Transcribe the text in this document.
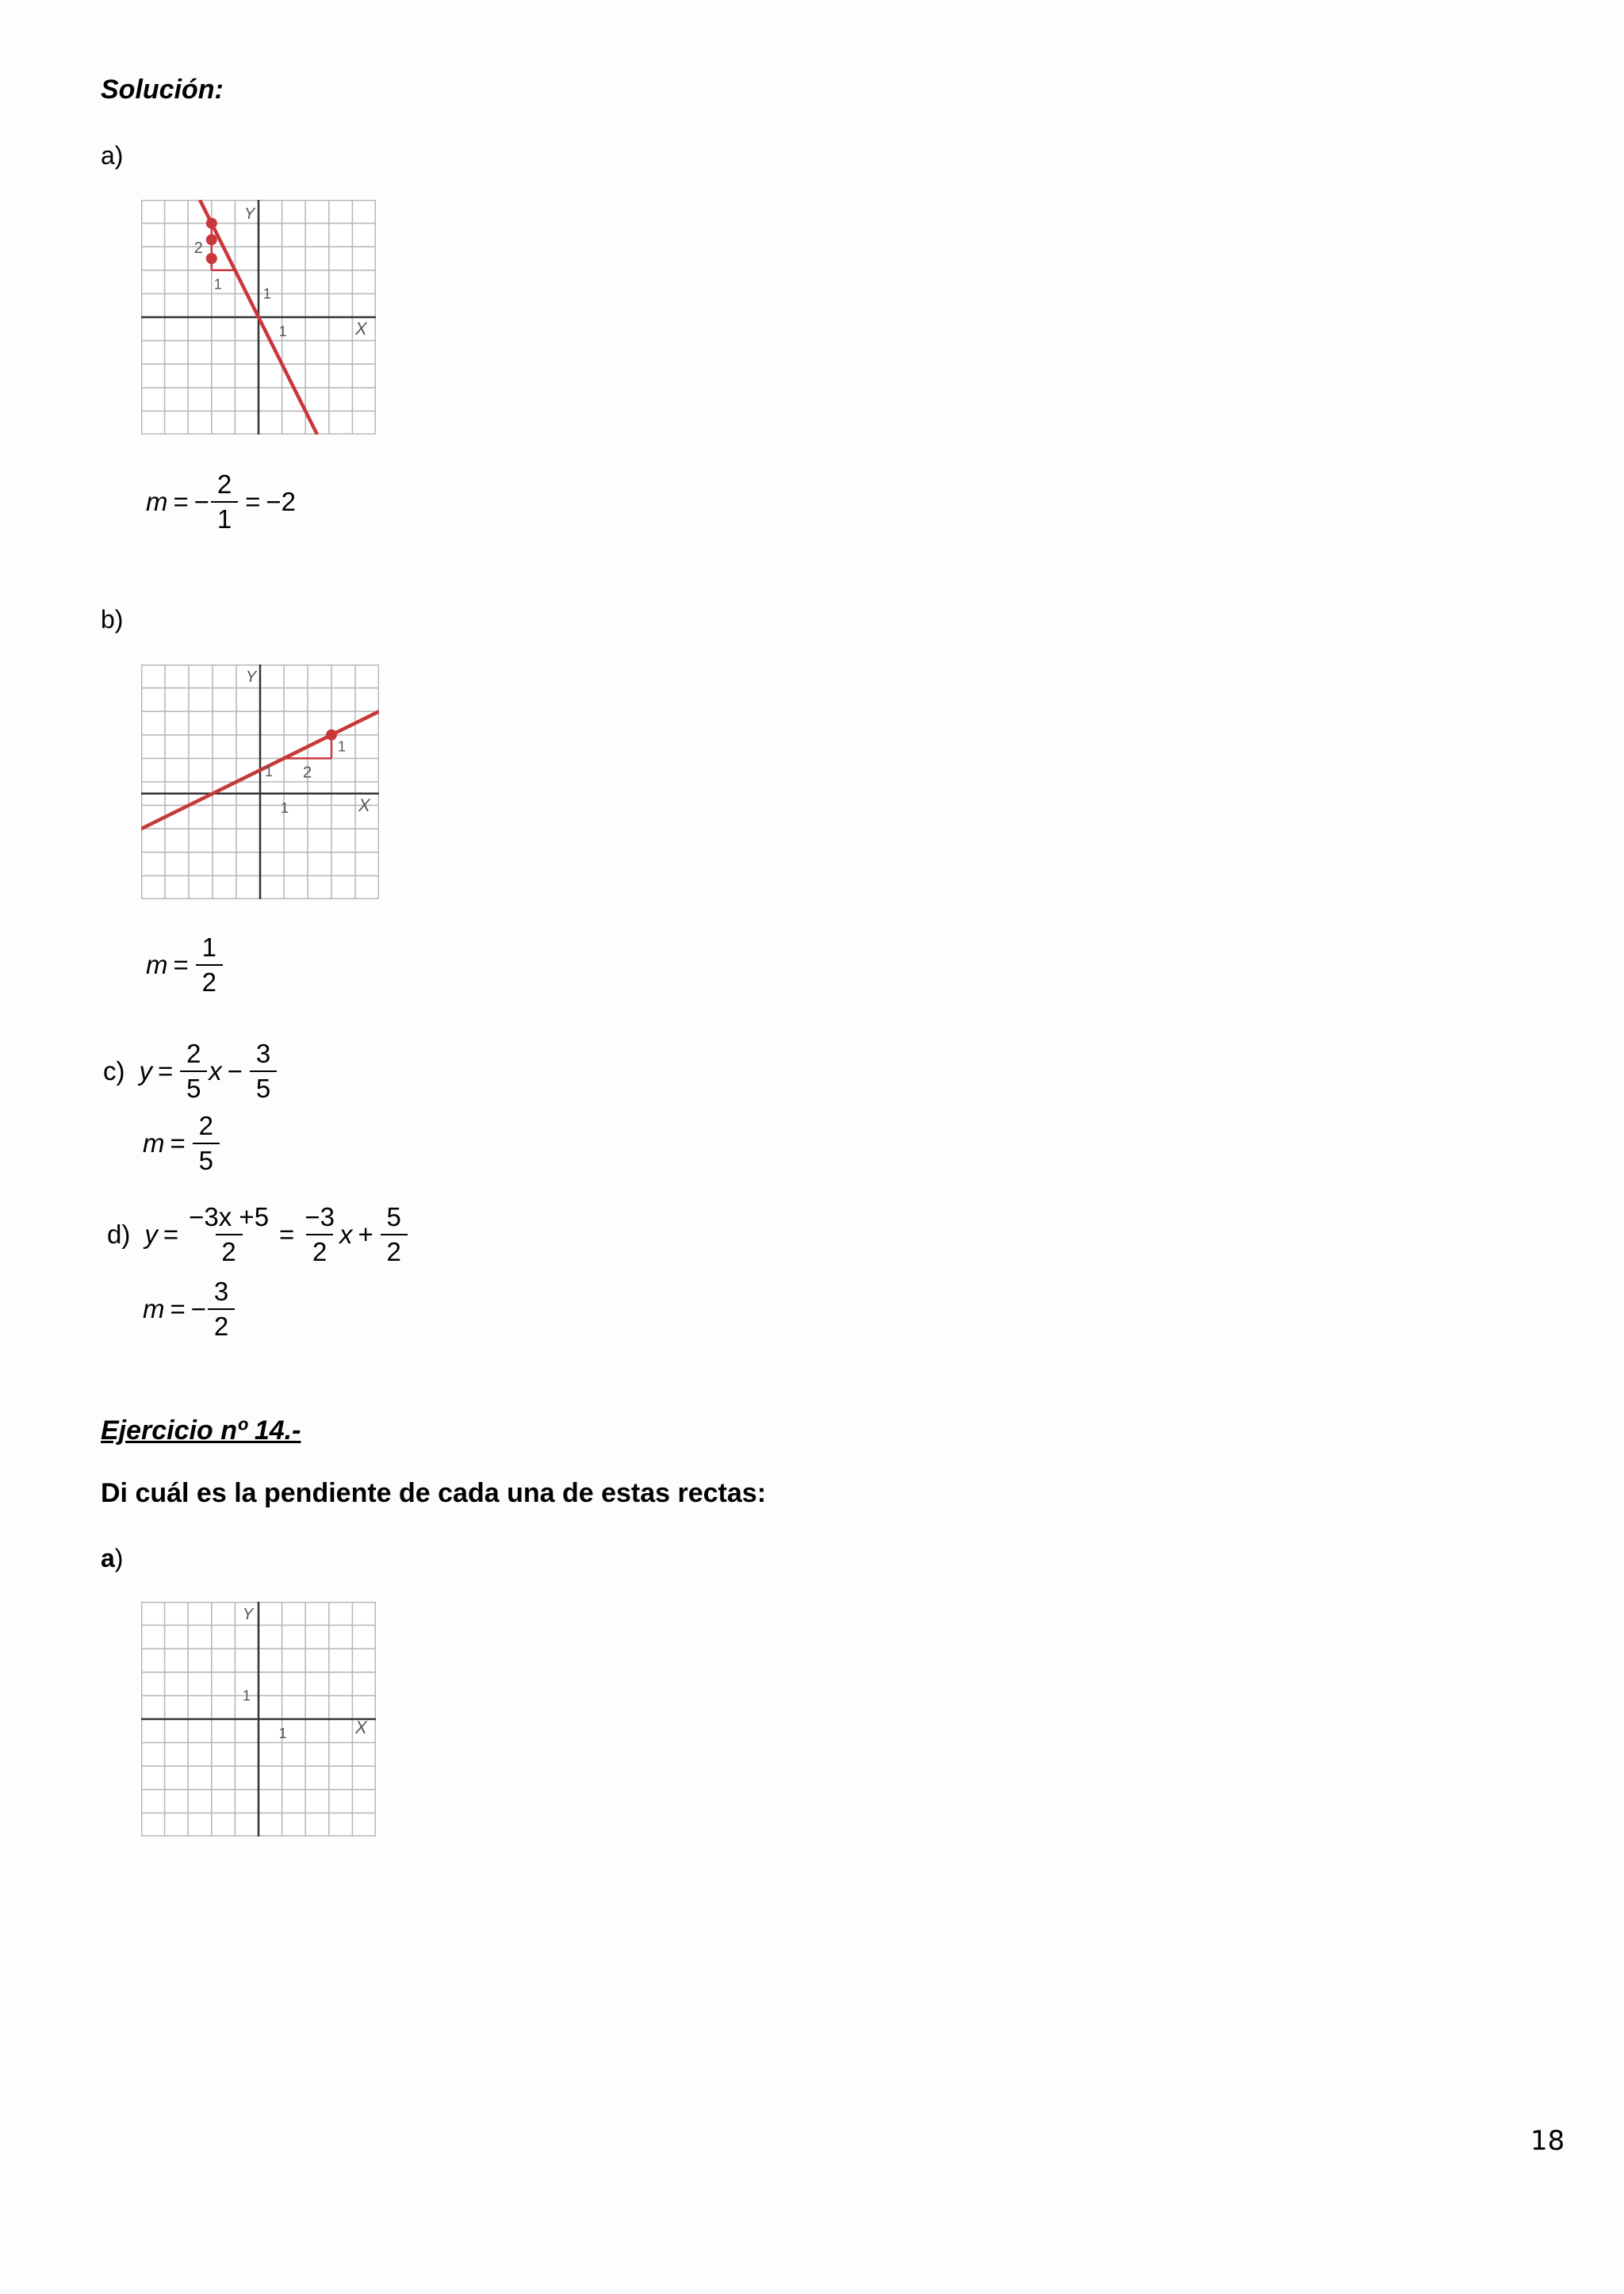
Solución:
a)
Y
X
2
1
1
1
m = − $\frac{2}{1} = -2$
b)
Y
X
1
2
1
1
$m = \frac{1}{2}$
c) $y = \frac{2}{5}$ $x - \frac{3}{5}$
$m = \frac{2}{5}$
d) $y = \frac{-3x +5}{2} = \frac{-3}{2}$ $x + \frac{5}{2}$
m = − $\frac{3}{2}$
Ejercicio nº 14.-
Di cuál es la pendiente de cada una de estas rectas:
a)
Y
X
1
1
18
